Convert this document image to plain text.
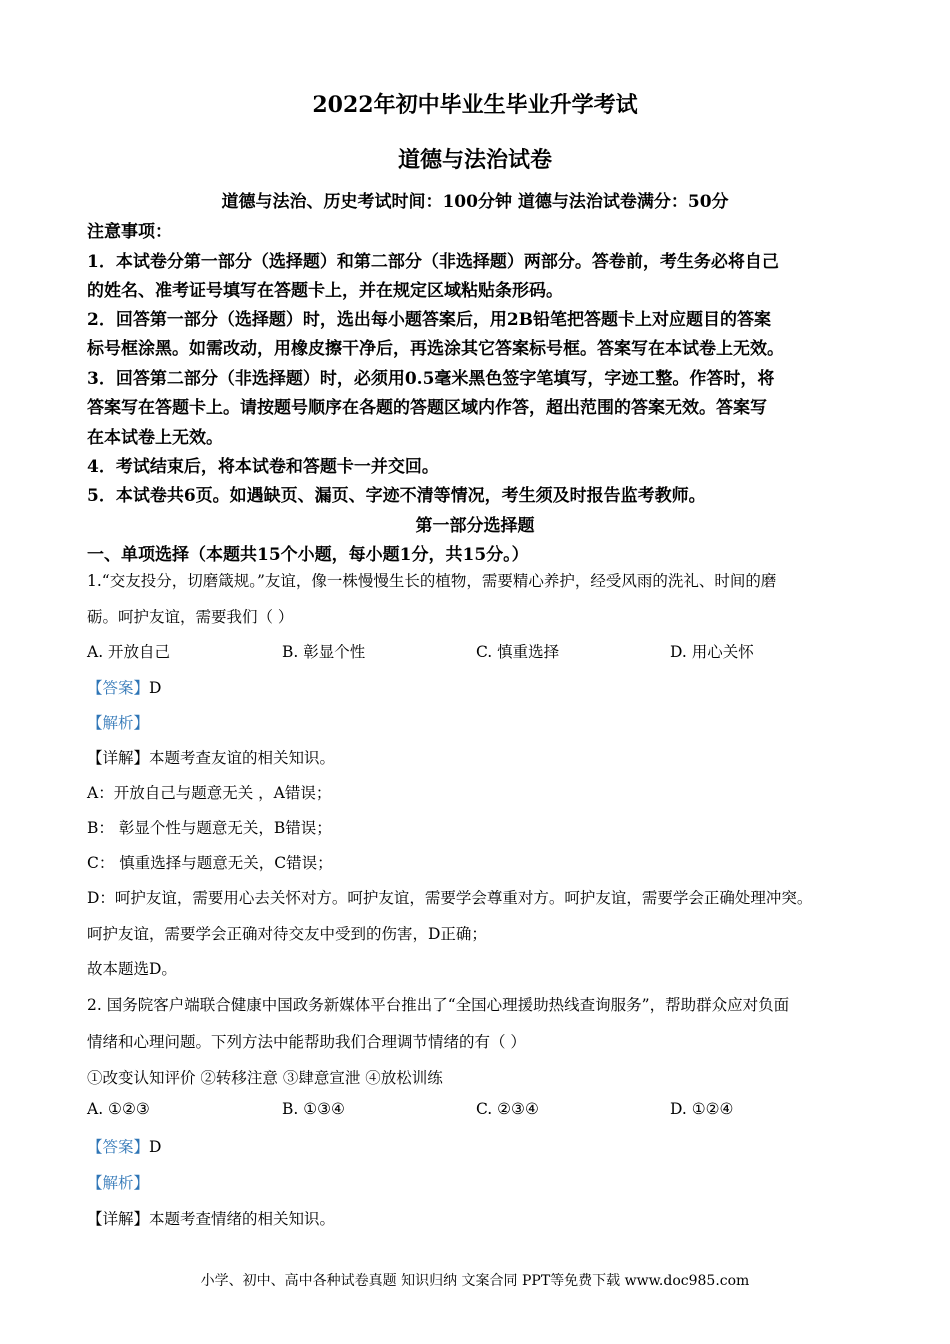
2022年初中毕业生毕业升学考试
道德与法治试卷
道德与法治、历史考试时间：100分钟 道德与法治试卷满分：50分
注意事项：
1．本试卷分第一部分（选择题）和第二部分（非选择题）两部分。答卷前，考生务必将自己
的姓名、准考证号填写在答题卡上，并在规定区域粘贴条形码。
2．回答第一部分（选择题）时，选出每小题答案后，用2B铅笔把答题卡上对应题目的答案
标号框涂黑。如需改动，用橡皮擦干净后，再选涂其它答案标号框。答案写在本试卷上无效。
3．回答第二部分（非选择题）时，必须用0.5毫米黑色签字笔填写，字迹工整。作答时，将
答案写在答题卡上。请按题号顺序在各题的答题区域内作答，超出范围的答案无效。答案写
在本试卷上无效。
4．考试结束后，将本试卷和答题卡一并交回。
5．本试卷共6页。如遇缺页、漏页、字迹不清等情况，考生须及时报告监考教师。
第一部分选择题
一、单项选择（本题共15个小题，每小题1分，共15分。）
1.“交友投分，切磨箴规。”友谊，像一株慢慢生长的植物，需要精心养护，经受风雨的洗礼、时间的磨
砺。呵护友谊，需要我们（ ）
A. 开放自己	B. 彰显个性	C. 慎重选择	D. 用心关怀
【答案】D
【解析】
【详解】本题考查友谊的相关知识。
A：开放自己与题意无关 ，A错误；
B： 彰显个性与题意无关，B错误；
C： 慎重选择与题意无关，C错误；
D：呵护友谊，需要用心去关怀对方。呵护友谊，需要学会尊重对方。呵护友谊，需要学会正确处理冲突。
呵护友谊，需要学会正确对待交友中受到的伤害，D正确；
故本题选D。
2. 国务院客户端联合健康中国政务新媒体平台推出了“全国心理援助热线查询服务”，帮助群众应对负面
情绪和心理问题。下列方法中能帮助我们合理调节情绪的有（ ）
①改变认知评价 ②转移注意 ③肆意宣泄 ④放松训练
A. ①②③	B. ①③④	C. ②③④	D. ①②④
【答案】D
【解析】
【详解】本题考查情绪的相关知识。
小学、初中、高中各种试卷真题 知识归纳 文案合同 PPT等免费下载 www.doc985.com
